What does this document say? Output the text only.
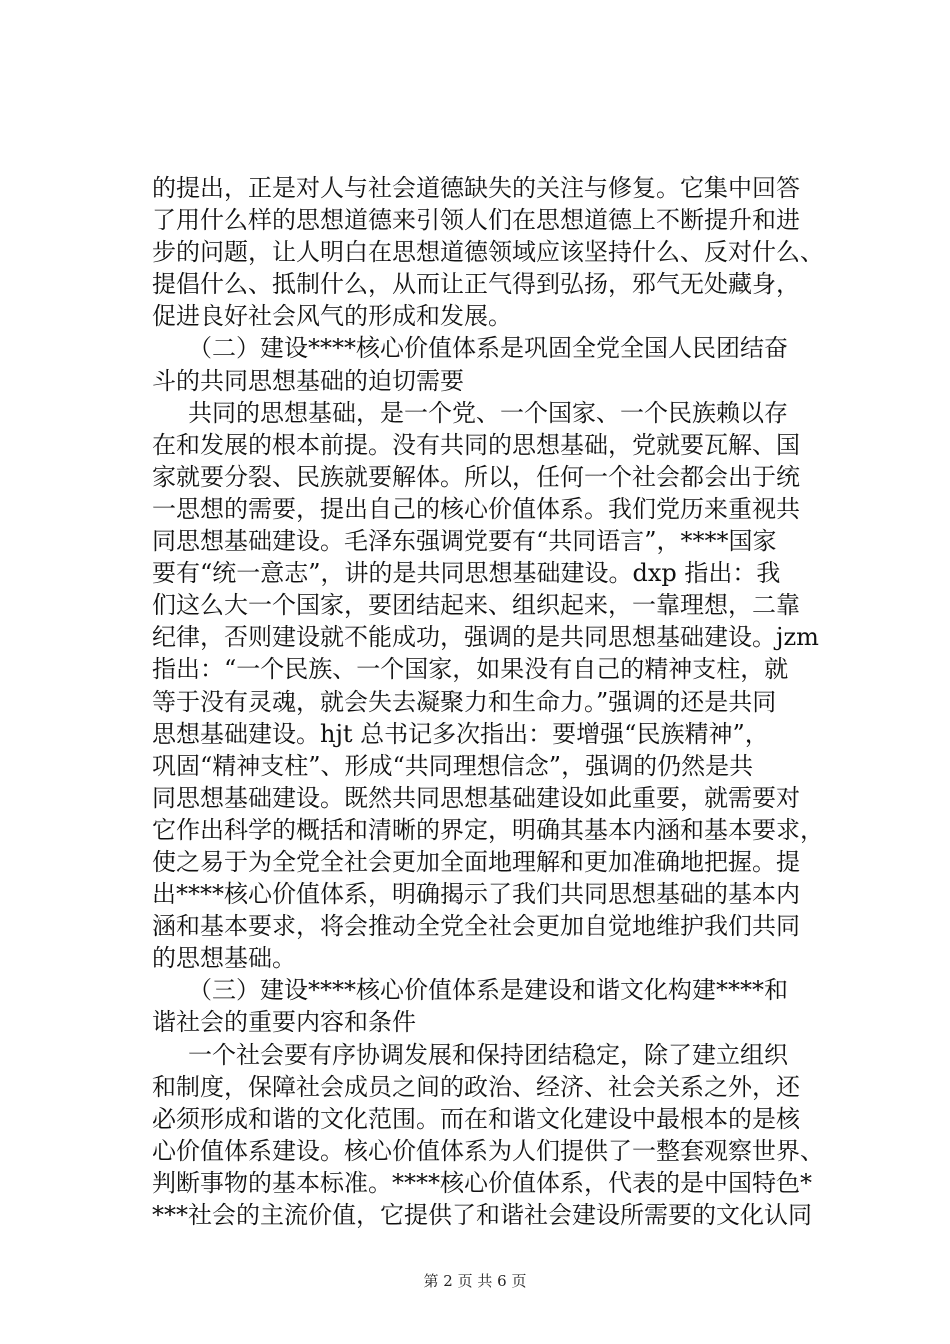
的提出，正是对人与社会道德缺失的关注与修复。它集中回答
了用什么样的思想道德来引领人们在思想道德上不断提升和进
步的问题，让人明白在思想道德领域应该坚持什么、反对什么、
提倡什么、抵制什么，从而让正气得到弘扬，邪气无处藏身，
促进良好社会风气的形成和发展。
（二）建设****核心价值体系是巩固全党全国人民团结奋
斗的共同思想基础的迫切需要
共同的思想基础，是一个党、一个国家、一个民族赖以存
在和发展的根本前提。没有共同的思想基础，党就要瓦解、国
家就要分裂、民族就要解体。所以，任何一个社会都会出于统
一思想的需要，提出自己的核心价值体系。我们党历来重视共
同思想基础建设。毛泽东强调党要有“共同语言”，****国家
要有“统一意志”，讲的是共同思想基础建设。dxp 指出：我
们这么大一个国家，要团结起来、组织起来，一靠理想，二靠
纪律，否则建设就不能成功，强调的是共同思想基础建设。jzm
指出：“一个民族、一个国家，如果没有自己的精神支柱，就
等于没有灵魂，就会失去凝聚力和生命力。”强调的还是共同
思想基础建设。hjt 总书记多次指出：要增强“民族精神”，
巩固“精神支柱”、形成“共同理想信念”，强调的仍然是共
同思想基础建设。既然共同思想基础建设如此重要，就需要对
它作出科学的概括和清晰的界定，明确其基本内涵和基本要求，
使之易于为全党全社会更加全面地理解和更加准确地把握。提
出****核心价值体系，明确揭示了我们共同思想基础的基本内
涵和基本要求，将会推动全党全社会更加自觉地维护我们共同
的思想基础。
（三）建设****核心价值体系是建设和谐文化构建****和
谐社会的重要内容和条件
一个社会要有序协调发展和保持团结稳定，除了建立组织
和制度，保障社会成员之间的政治、经济、社会关系之外，还
必须形成和谐的文化范围。而在和谐文化建设中最根本的是核
心价值体系建设。核心价值体系为人们提供了一整套观察世界、
判断事物的基本标准。****核心价值体系，代表的是中国特色*
***社会的主流价值，它提供了和谐社会建设所需要的文化认同
第 2 页 共 6 页
